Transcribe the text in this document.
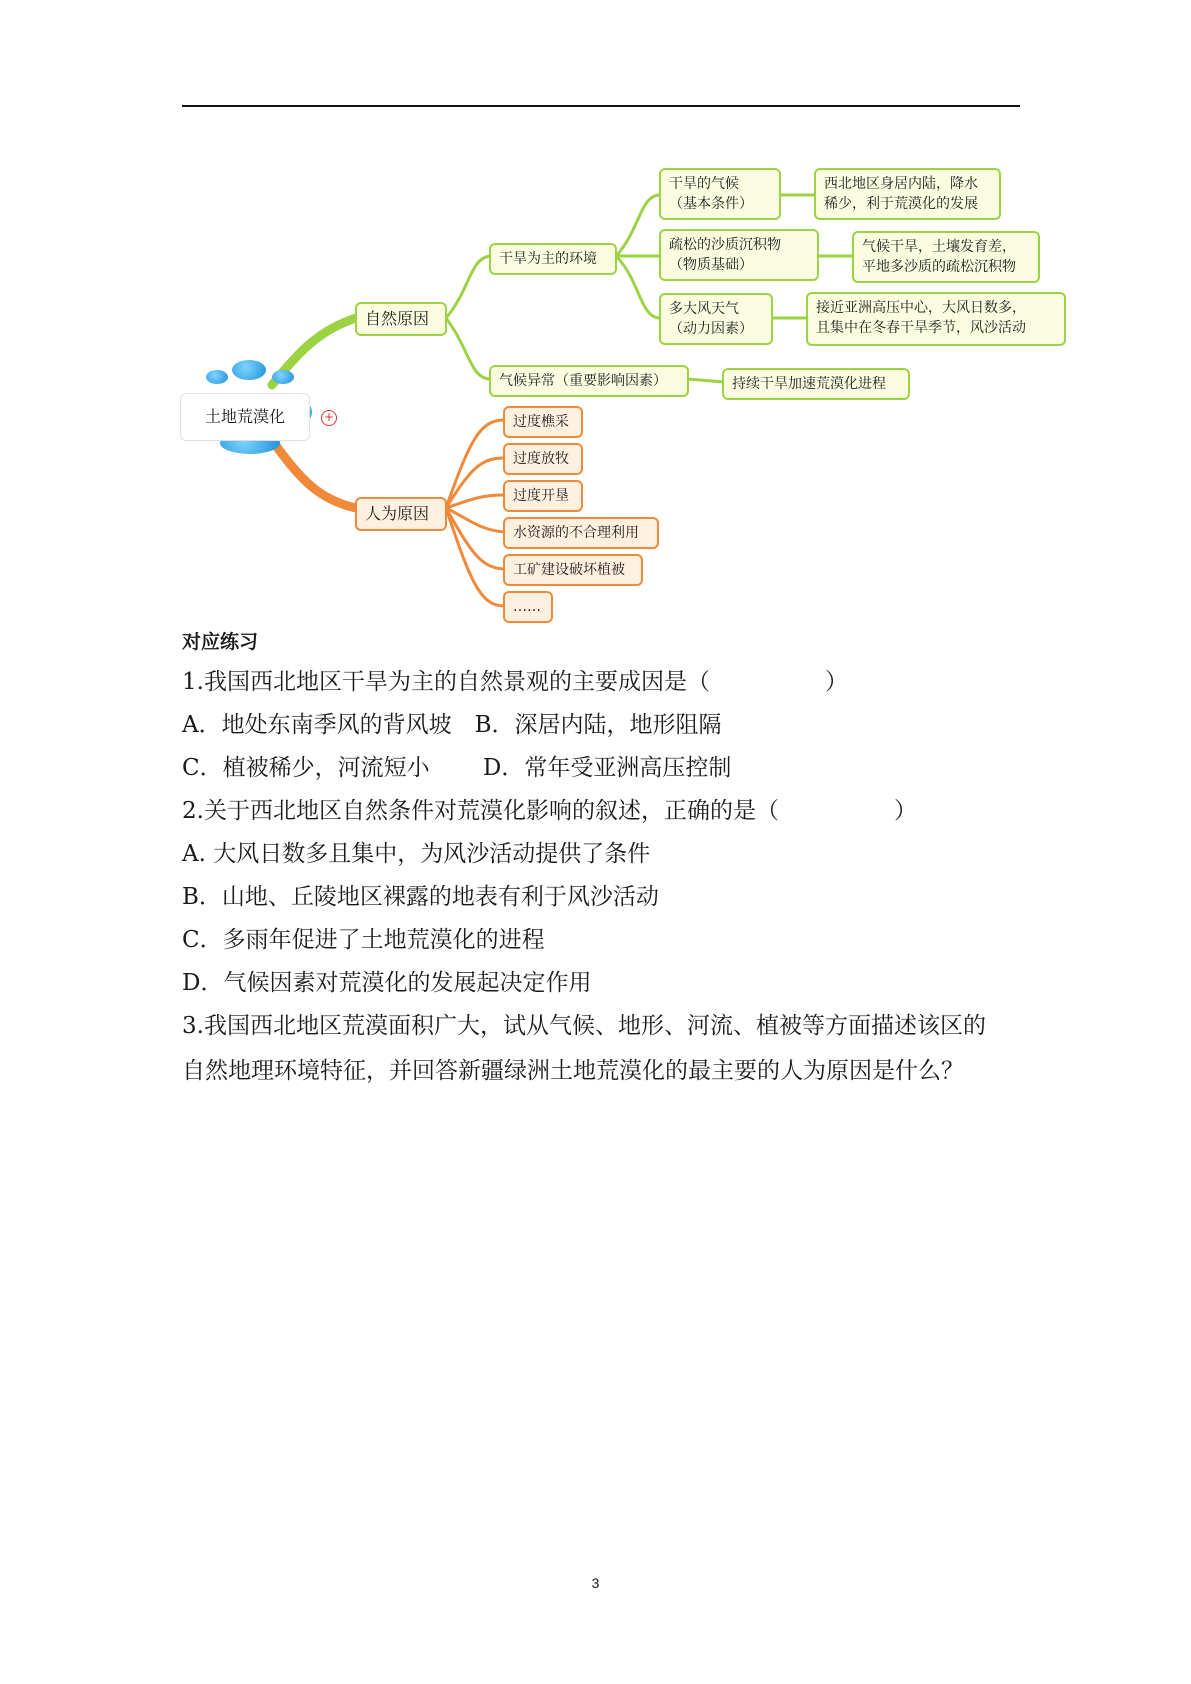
土地荒漠化	+
自然原因
干旱为主的环境
干旱的气候
（基本条件）
西北地区身居内陆，降水
稀少，利于荒漠化的发展
疏松的沙质沉积物
（物质基础）
气候干旱，土壤发育差，
平地多沙质的疏松沉积物
多大风天气
（动力因素）
接近亚洲高压中心，大风日数多，
且集中在冬春干旱季节，风沙活动
气候异常（重要影响因素）	持续干旱加速荒漠化进程
人为原因
过度樵采
过度放牧
过度开垦
水资源的不合理利用
工矿建设破坏植被
……
对应练习
1.我国西北地区干旱为主的自然景观的主要成因是（　　　　　）
A．地处东南季风的背风坡　B．深居内陆，地形阻隔
C．植被稀少，河流短小　　 D．常年受亚洲高压控制
2.关于西北地区自然条件对荒漠化影响的叙述，正确的是（　　　　　）
A. 大风日数多且集中，为风沙活动提供了条件
B．山地、丘陵地区裸露的地表有利于风沙活动
C．多雨年促进了土地荒漠化的进程
D．气候因素对荒漠化的发展起决定作用
3.我国西北地区荒漠面积广大，试从气候、地形、河流、植被等方面描述该区的
自然地理环境特征，并回答新疆绿洲土地荒漠化的最主要的人为原因是什么？
3
